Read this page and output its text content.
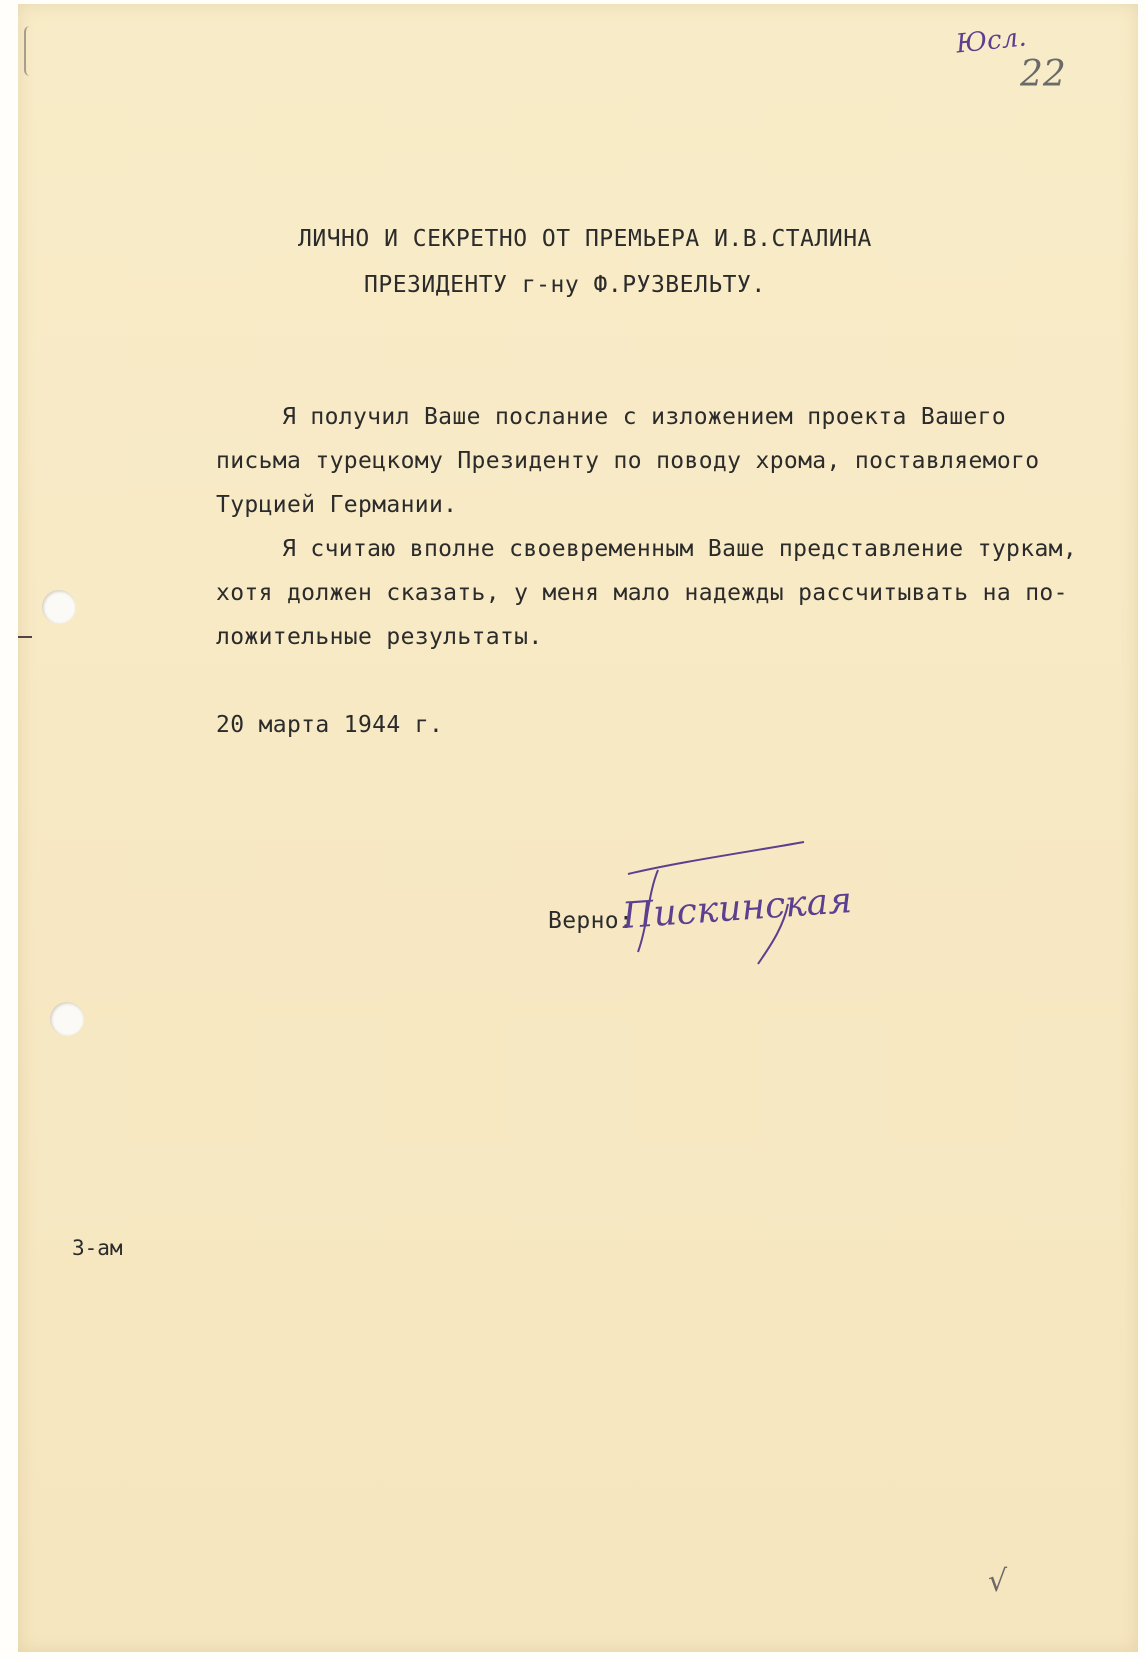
Юсл.
22

ЛИЧНО И СЕКРЕТНО ОТ ПРЕМЬЕРА И.В.СТАЛИНА

ПРЕЗИДЕНТУ г-ну Ф.РУЗВЕЛЬТУ.

Я получил Ваше послание с изложением проекта Вашего

письма турецкому Президенту по поводу хрома, поставляемого

Турцией Германии.

Я считаю вполне своевременным Ваше представление туркам,

хотя должен сказать, у меня мало надежды рассчитывать на по-

ложительные результаты.

20 марта 1944 г.

Верно:

Пискинская

3-ам

√
